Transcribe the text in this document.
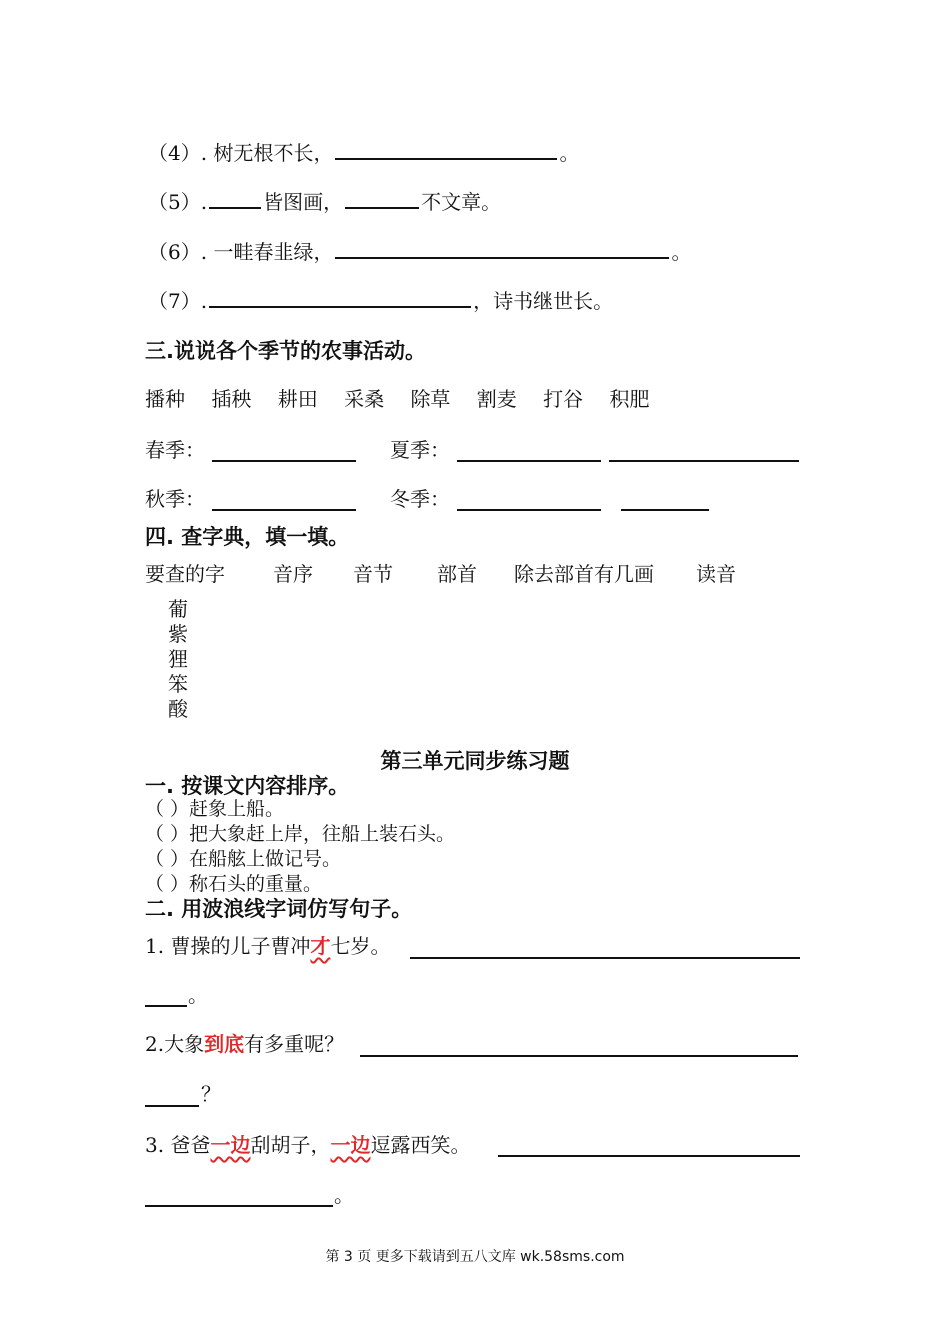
（4）. 树无根不长，	。
（5）.	皆图画，	不文章。
（6）. 一畦春韭绿，	。
（7）.	，诗书继世长。
三.说说各个季节的农事活动。
播种 插秧 耕田 采桑 除草 割麦 打谷 积肥
春季：	夏季：
秋季：	冬季：
四. 查字典，填一填。
要查的字 音序 音节 部首 除去部首有几画 读音
葡
紫
狸
笨
酸
第三单元同步练习题
一. 按课文内容排序。
（ ）赶象上船。
（ ）把大象赶上岸，往船上装石头。
（ ）在船舷上做记号。
（ ）称石头的重量。
二. 用波浪线字词仿写句子。
1. 曹操的儿子曹冲才七岁。
。
2.大象到底有多重呢？
？
3. 爸爸一边刮胡子，一边逗露西笑。
。
第 3 页 更多下载请到五八文库 wk.58sms.com
